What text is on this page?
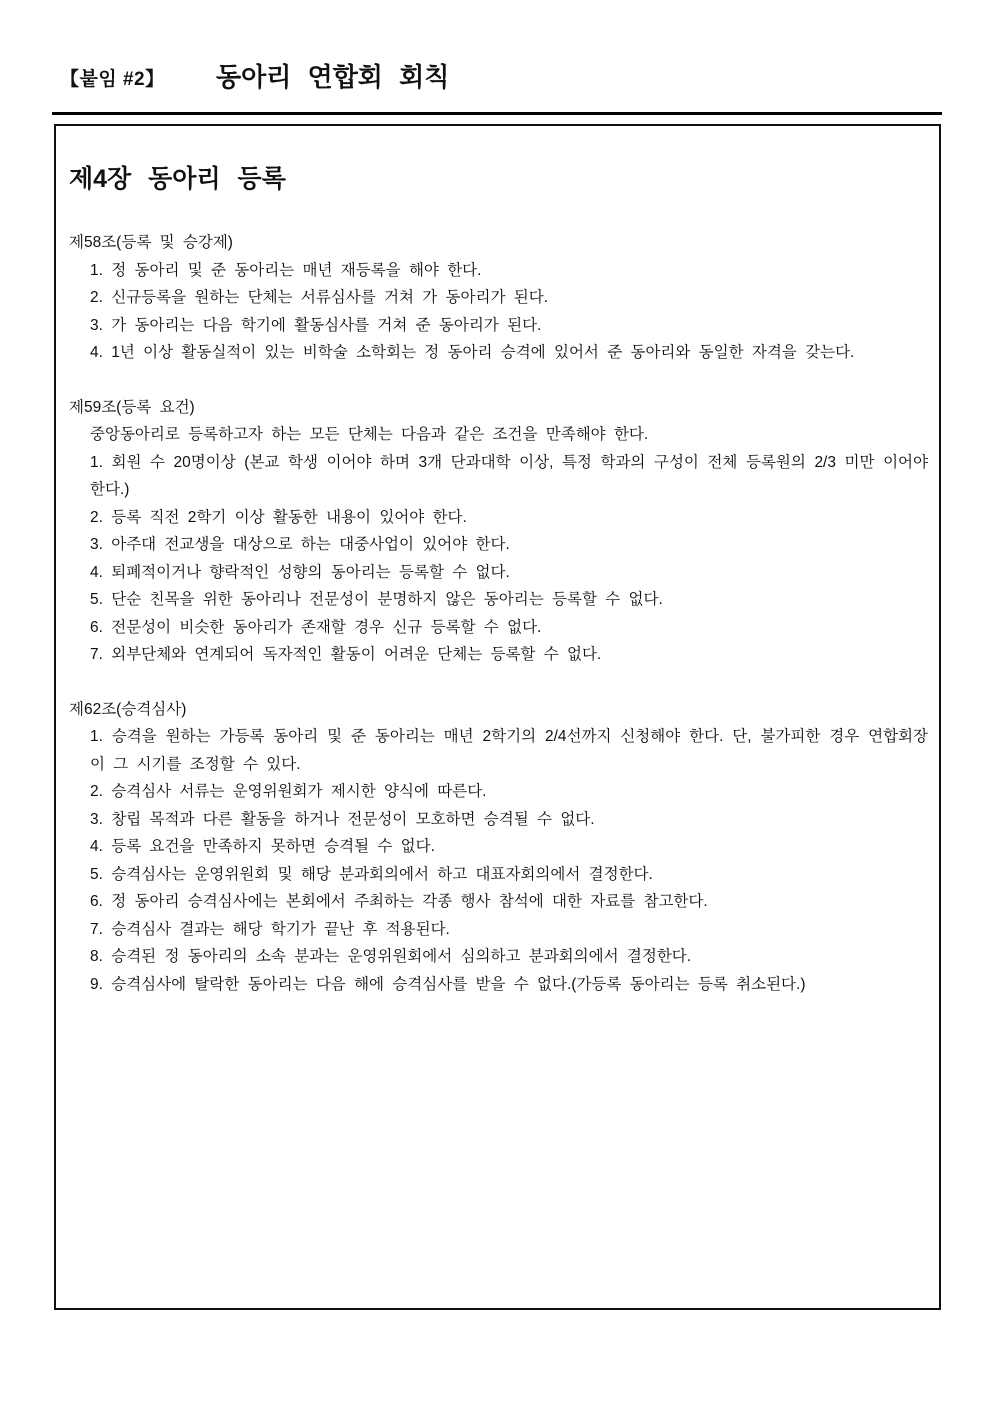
【붙임 #2】 동아리 연합회 회칙
제4장 동아리 등록

제58조(등록 및 승강제)

1. 정 동아리 및 준 동아리는 매년 재등록을 해야 한다.

2. 신규등록을 원하는 단체는 서류심사를 거쳐 가 동아리가 된다.

3. 가 동아리는 다음 학기에 활동심사를 거쳐 준 동아리가 된다.

4. 1년 이상 활동실적이 있는 비학술 소학회는 정 동아리 승격에 있어서 준 동아리와 동일한 자격을 갖는다.

제59조(등록 요건)

중앙동아리로 등록하고자 하는 모든 단체는 다음과 같은 조건을 만족해야 한다.

1. 회원 수 20명이상 (본교 학생 이어야 하며 3개 단과대학 이상, 특정 학과의 구성이 전체 등록원의 2/3 미만 이어야 한다.)

2. 등록 직전 2학기 이상 활동한 내용이 있어야 한다.

3. 아주대 전교생을 대상으로 하는 대중사업이 있어야 한다.

4. 퇴폐적이거나 향락적인 성향의 동아리는 등록할 수 없다.

5. 단순 친목을 위한 동아리나 전문성이 분명하지 않은 동아리는 등록할 수 없다.

6. 전문성이 비슷한 동아리가 존재할 경우 신규 등록할 수 없다.

7. 외부단체와 연계되어 독자적인 활동이 어려운 단체는 등록할 수 없다.

제62조(승격심사)

1. 승격을 원하는 가등록 동아리 및 준 동아리는 매년 2학기의 2/4선까지 신청해야 한다. 단, 불가피한 경우 연합회장이 그 시기를 조정할 수 있다.

2. 승격심사 서류는 운영위원회가 제시한 양식에 따른다.

3. 창립 목적과 다른 활동을 하거나 전문성이 모호하면 승격될 수 없다.

4. 등록 요건을 만족하지 못하면 승격될 수 없다.

5. 승격심사는 운영위원회 및 해당 분과회의에서 하고 대표자회의에서 결정한다.

6. 정 동아리 승격심사에는 본회에서 주최하는 각종 행사 참석에 대한 자료를 참고한다.

7. 승격심사 결과는 해당 학기가 끝난 후 적용된다.

8. 승격된 정 동아리의 소속 분과는 운영위원회에서 심의하고 분과회의에서 결정한다.

9. 승격심사에 탈락한 동아리는 다음 해에 승격심사를 받을 수 없다.(가등록 동아리는 등록 취소된다.)
